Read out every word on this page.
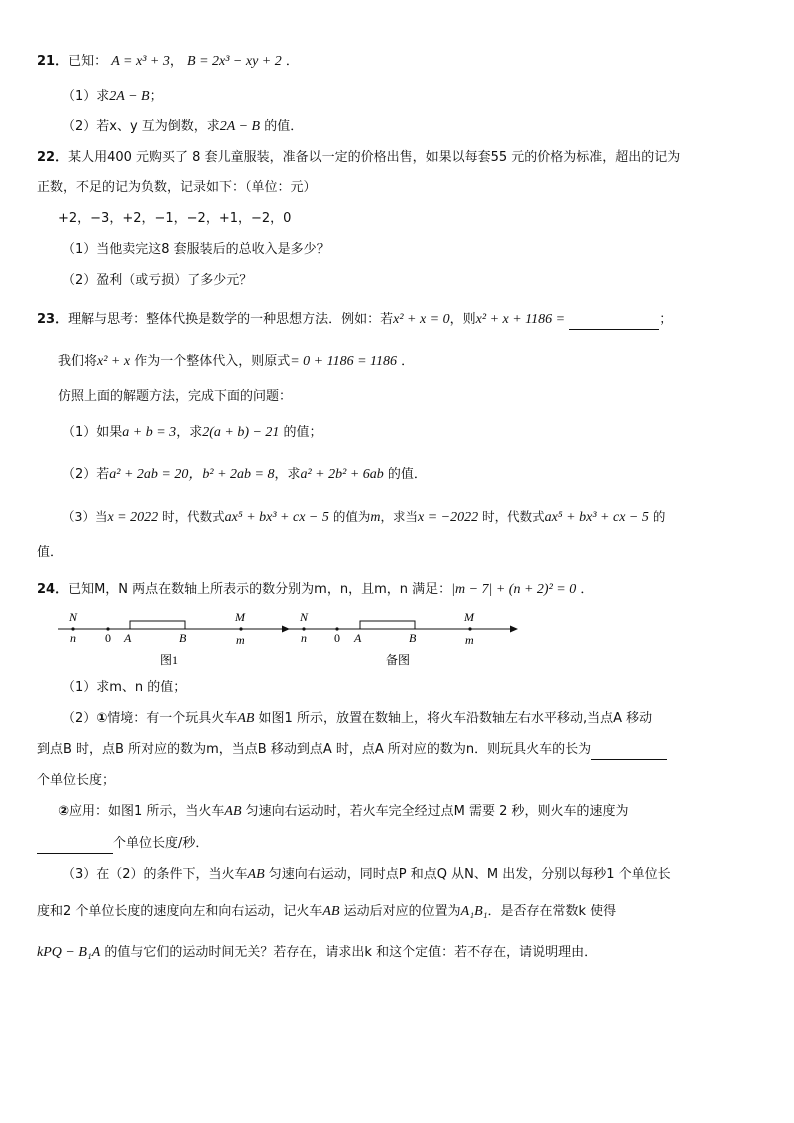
21．已知： A = x³ + 3， B = 2x³ − xy + 2 ．
（1）求2A − B；
（2）若x、y 互为倒数，求2A − B 的值．
22．某人用400 元购买了 8 套儿童服装，准备以一定的价格出售，如果以每套55 元的价格为标准，超出的记为
正数，不足的记为负数，记录如下：（单位：元）
+2，−3，+2，−1，−2，+1，−2，0
（1）当他卖完这8 套服装后的总收入是多少？
（2）盈利（或亏损）了多少元？
23．理解与思考：整体代换是数学的一种思想方法．例如：若x² + x = 0，则x² + x + 1186 =	；
我们将x² + x 作为一个整体代入，则原式= 0 + 1186 = 1186 ．
仿照上面的解题方法，完成下面的问题：
（1）如果a + b = 3，求2(a + b) − 21 的值；
（2）若a² + 2ab = 20，b² + 2ab = 8，求a² + 2b² + 6ab 的值．
（3）当x = 2022 时，代数式ax⁵ + bx³ + cx − 5 的值为m，求当x = −2022 时，代数式ax⁵ + bx³ + cx − 5 的
值．
24．已知M，N 两点在数轴上所表示的数分别为m，n，且m，n 满足：|m − 7| + (n + 2)² = 0 ．
N
n 0 A	B
M
m
图1
N
n 0 A	B
M
m
备图
（1）求m、n 的值；
（2）①情境：有一个玩具火车AB 如图1 所示，放置在数轴上，将火车沿数轴左右水平移动,当点A 移动
到点B 时，点B 所对应的数为m，当点B 移动到点A 时，点A 所对应的数为n．则玩具火车的长为
个单位长度；
②应用：如图1 所示，当火车AB 匀速向右运动时，若火车完全经过点M 需要 2 秒，则火车的速度为
个单位长度/秒．
（3）在（2）的条件下，当火车AB 匀速向右运动，同时点P 和点Q 从N、M 出发，分别以每秒1 个单位长
度和2 个单位长度的速度向左和向右运动，记火车AB 运动后对应的位置为A₁B₁．是否存在常数k 使得
kPQ − B₁A 的值与它们的运动时间无关？若存在，请求出k 和这个定值：若不存在，请说明理由．
